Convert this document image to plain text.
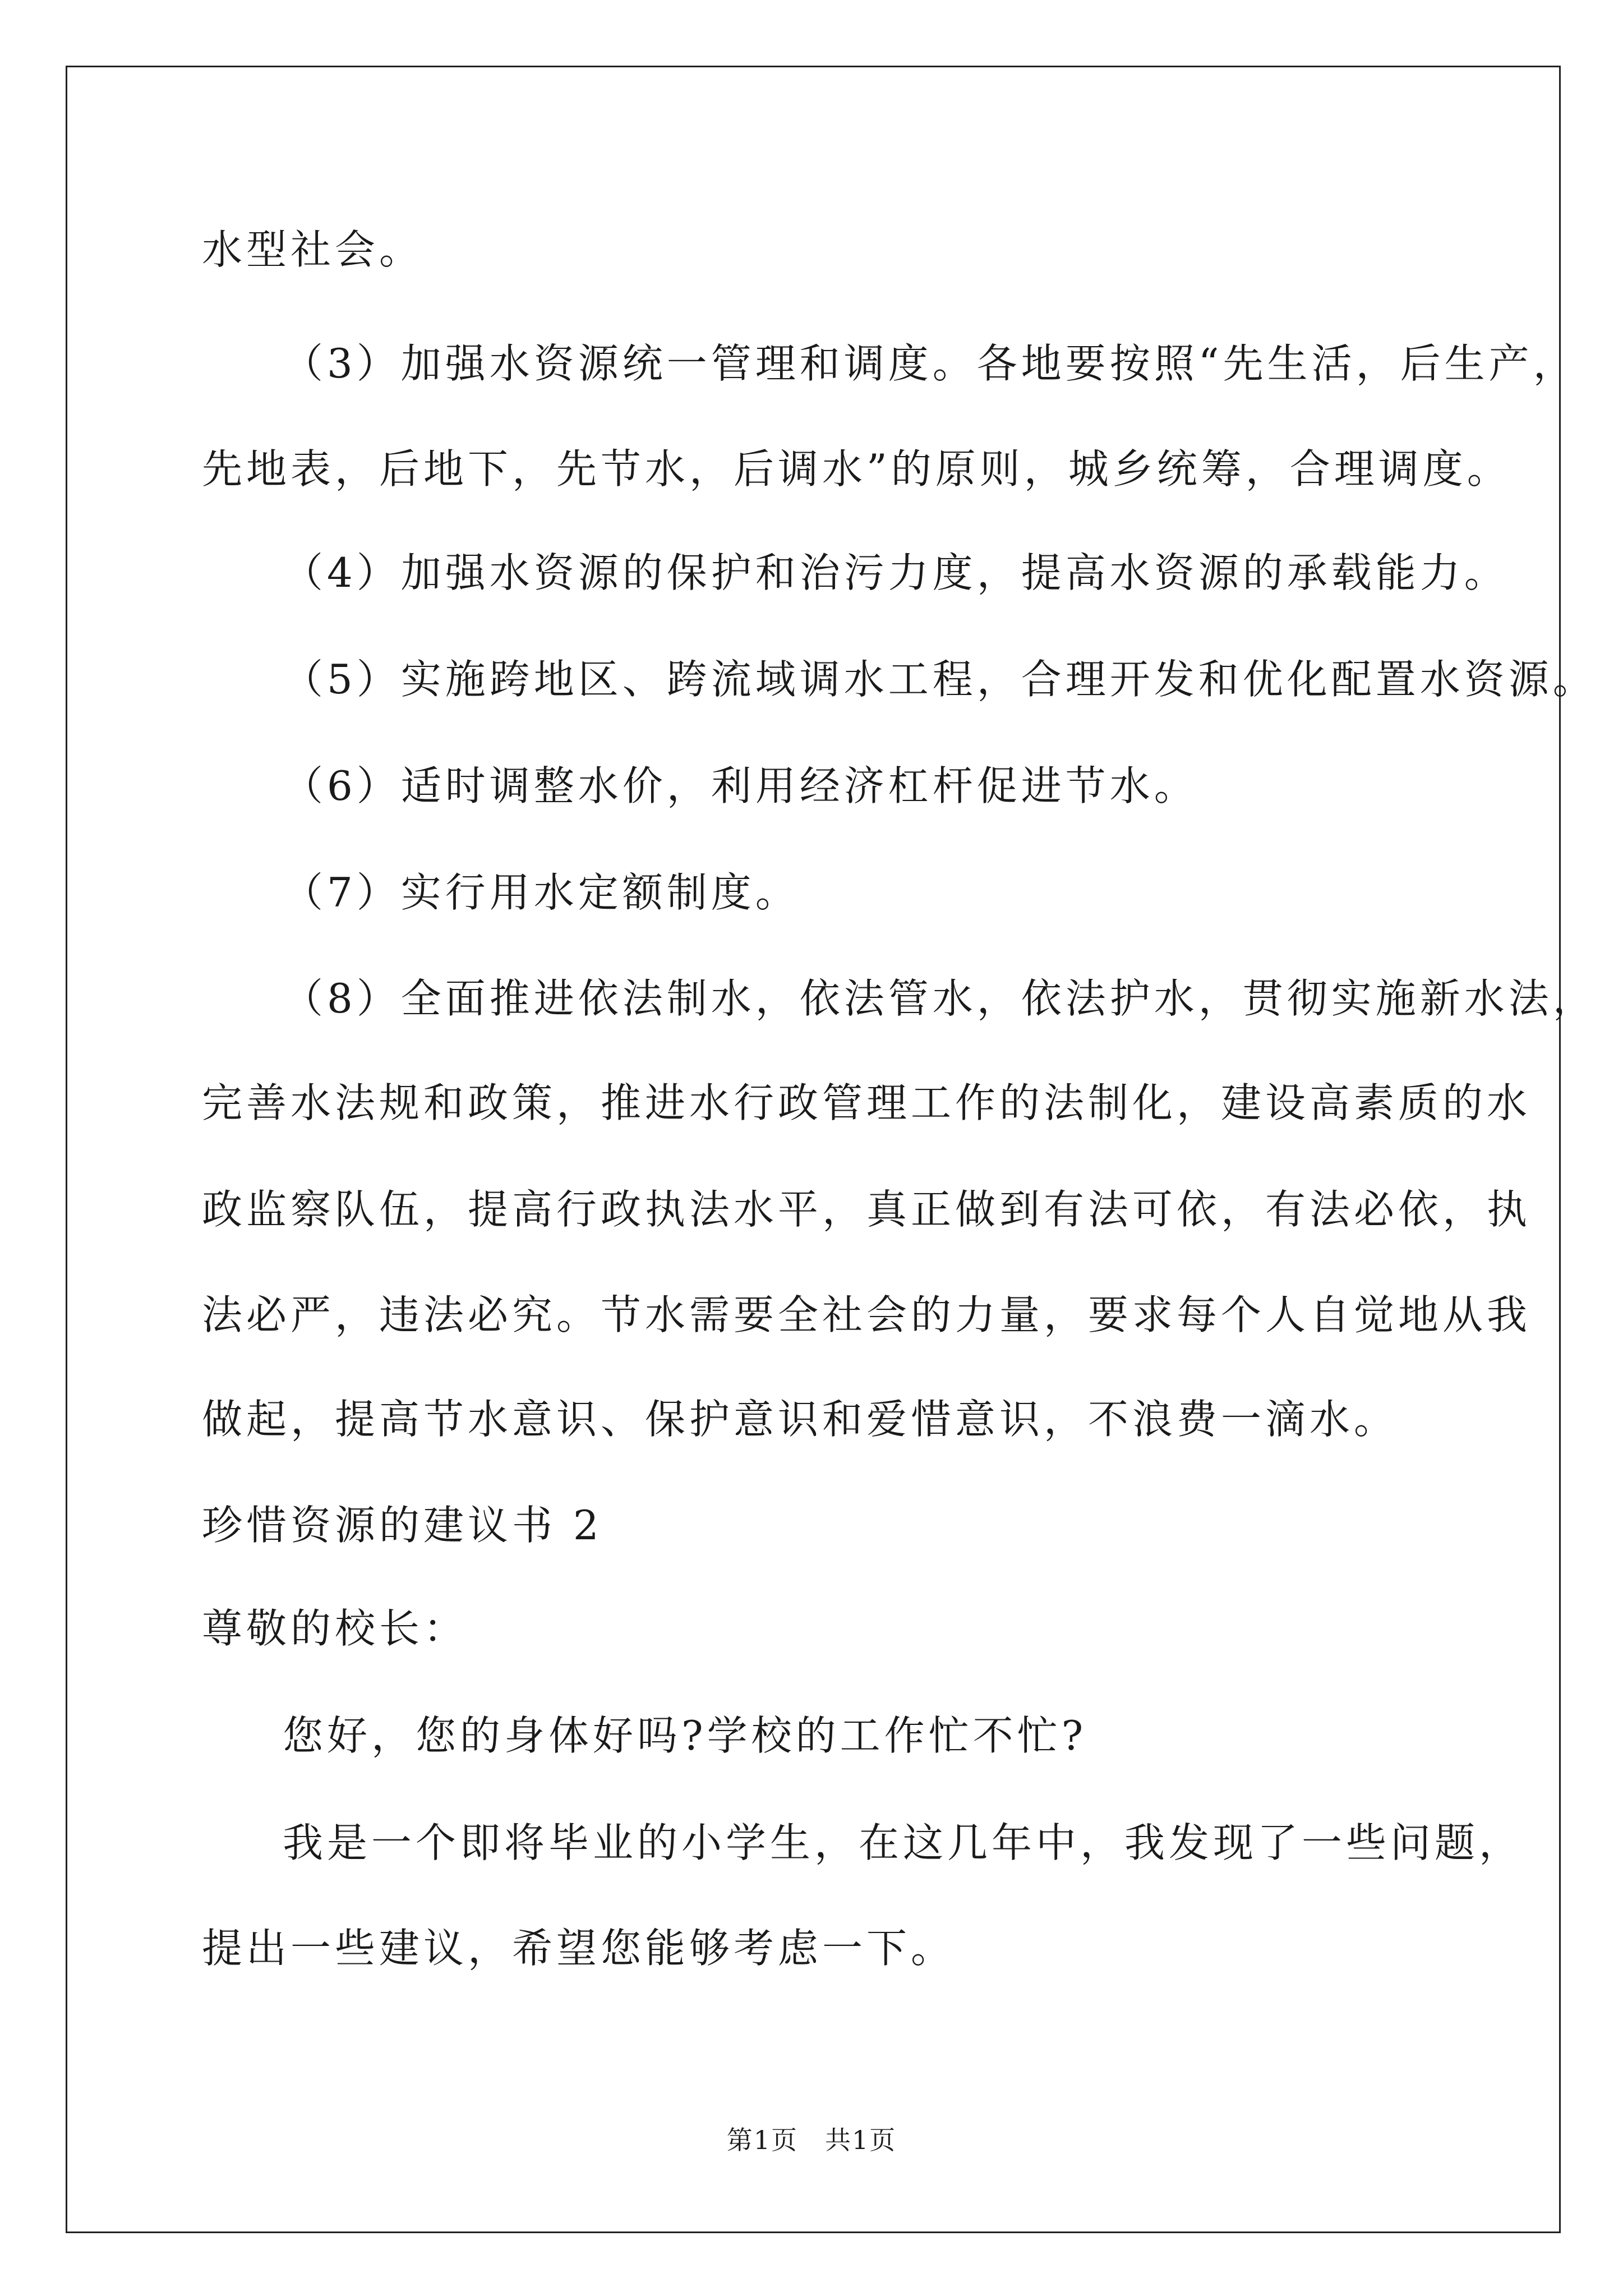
水型社会。
（3）加强水资源统一管理和调度。各地要按照“先生活，后生产，
先地表，后地下，先节水，后调水”的原则，城乡统筹，合理调度。
（4）加强水资源的保护和治污力度，提高水资源的承载能力。
（5）实施跨地区、跨流域调水工程，合理开发和优化配置水资源。
（6）适时调整水价，利用经济杠杆促进节水。
（7）实行用水定额制度。
（8）全面推进依法制水，依法管水，依法护水，贯彻实施新水法，
完善水法规和政策，推进水行政管理工作的法制化，建设高素质的水
政监察队伍，提高行政执法水平，真正做到有法可依，有法必依，执
法必严，违法必究。节水需要全社会的力量，要求每个人自觉地从我
做起，提高节水意识、保护意识和爱惜意识，不浪费一滴水。
珍惜资源的建议书 2
尊敬的校长：
您好，您的身体好吗?学校的工作忙不忙?
我是一个即将毕业的小学生，在这几年中，我发现了一些问题，
提出一些建议，希望您能够考虑一下。
第1页　共1页
